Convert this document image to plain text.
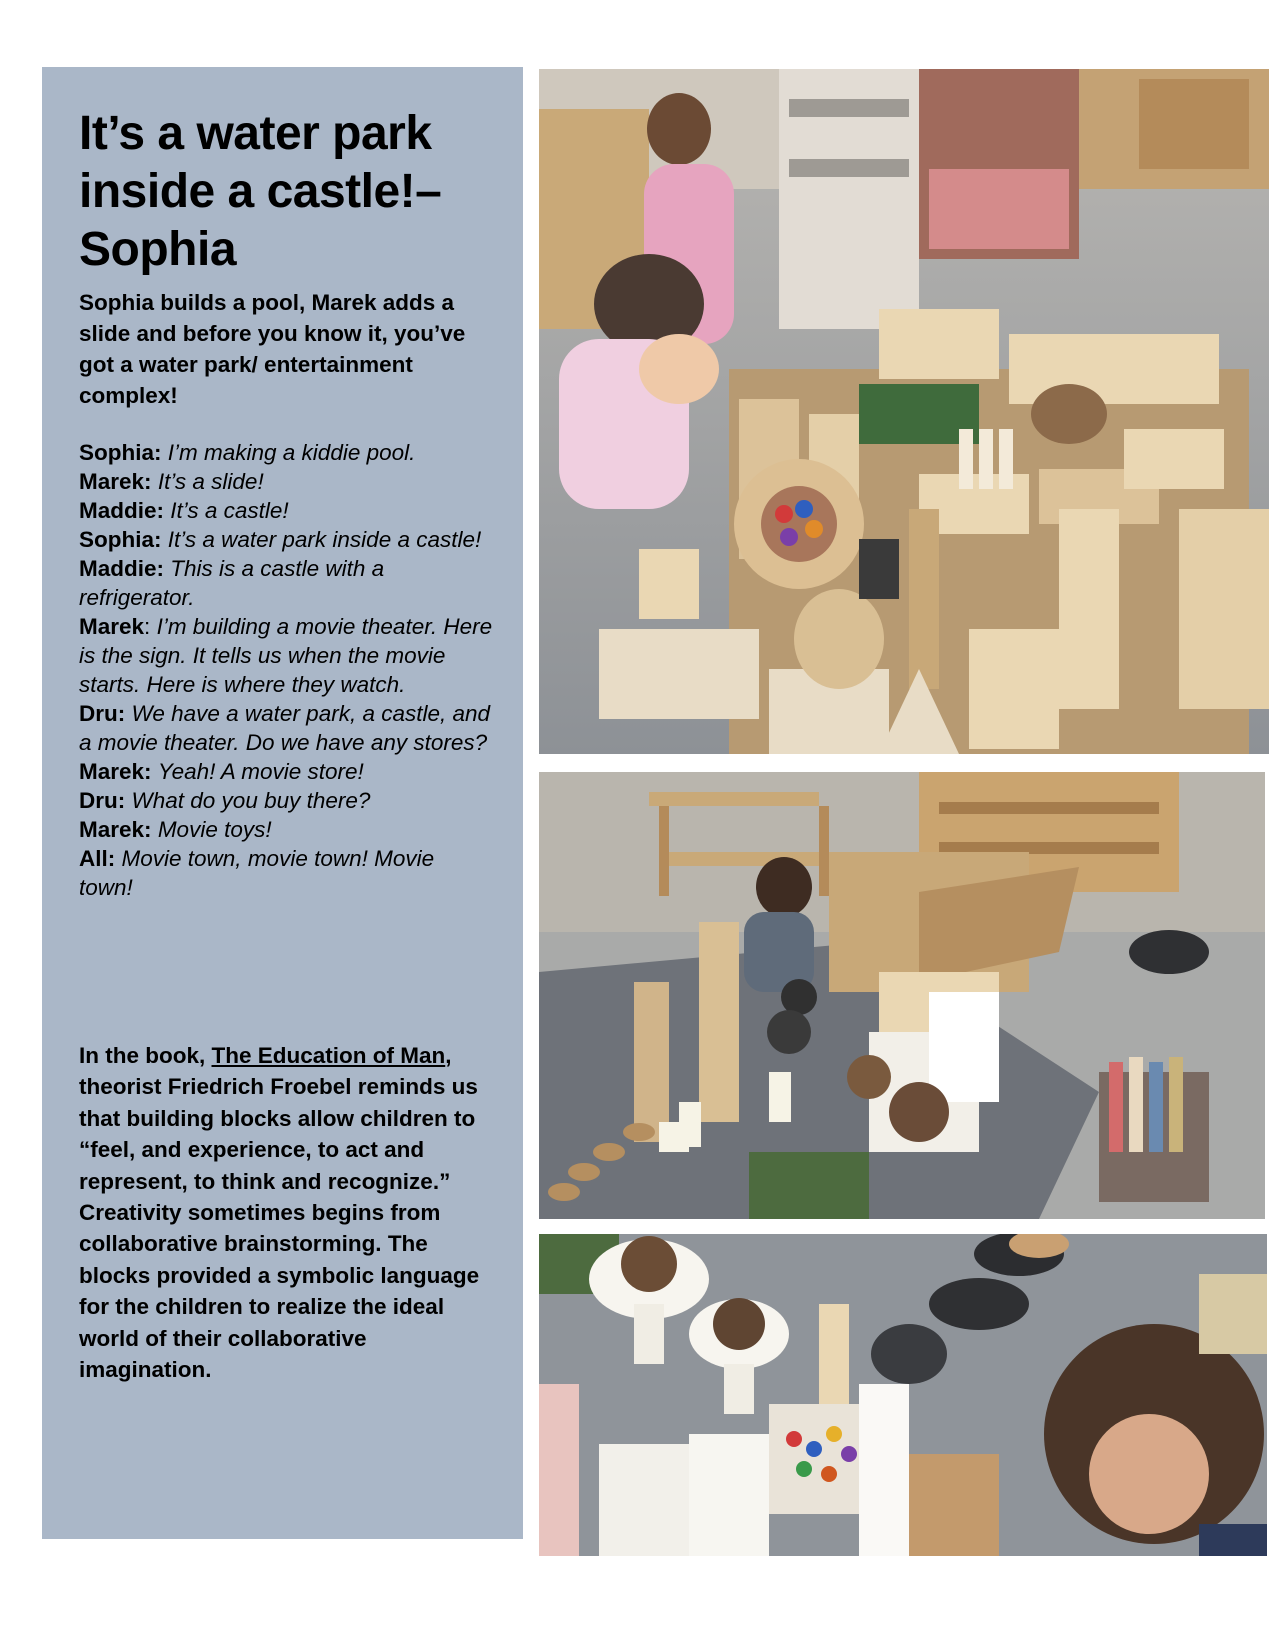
It’s a water park inside a castle!– Sophia

Sophia builds a pool, Marek adds a slide and before you know it, you’ve got a water park/ entertainment complex!

Sophia: I’m making a kiddie pool.
Marek: It’s a slide!
Maddie: It’s a castle!
Sophia: It’s a water park inside a castle!
Maddie: This is a castle with a refrigerator.
Marek: I’m building a movie theater. Here is the sign. It tells us when the movie starts. Here is where they watch.
Dru: We have a water park, a castle, and a movie theater. Do we have any stores?
Marek: Yeah! A movie store!
Dru: What do you buy there?
Marek: Movie toys!
All: Movie town, movie town! Movie town!

In the book, The Education of Man, theorist Friedrich Froebel reminds us that building blocks allow children to “feel, and experience, to act and represent, to think and recognize.” Creativity sometimes begins from collaborative brainstorming. The blocks provided a symbolic language for the children to realize the ideal world of their collaborative imagination.
